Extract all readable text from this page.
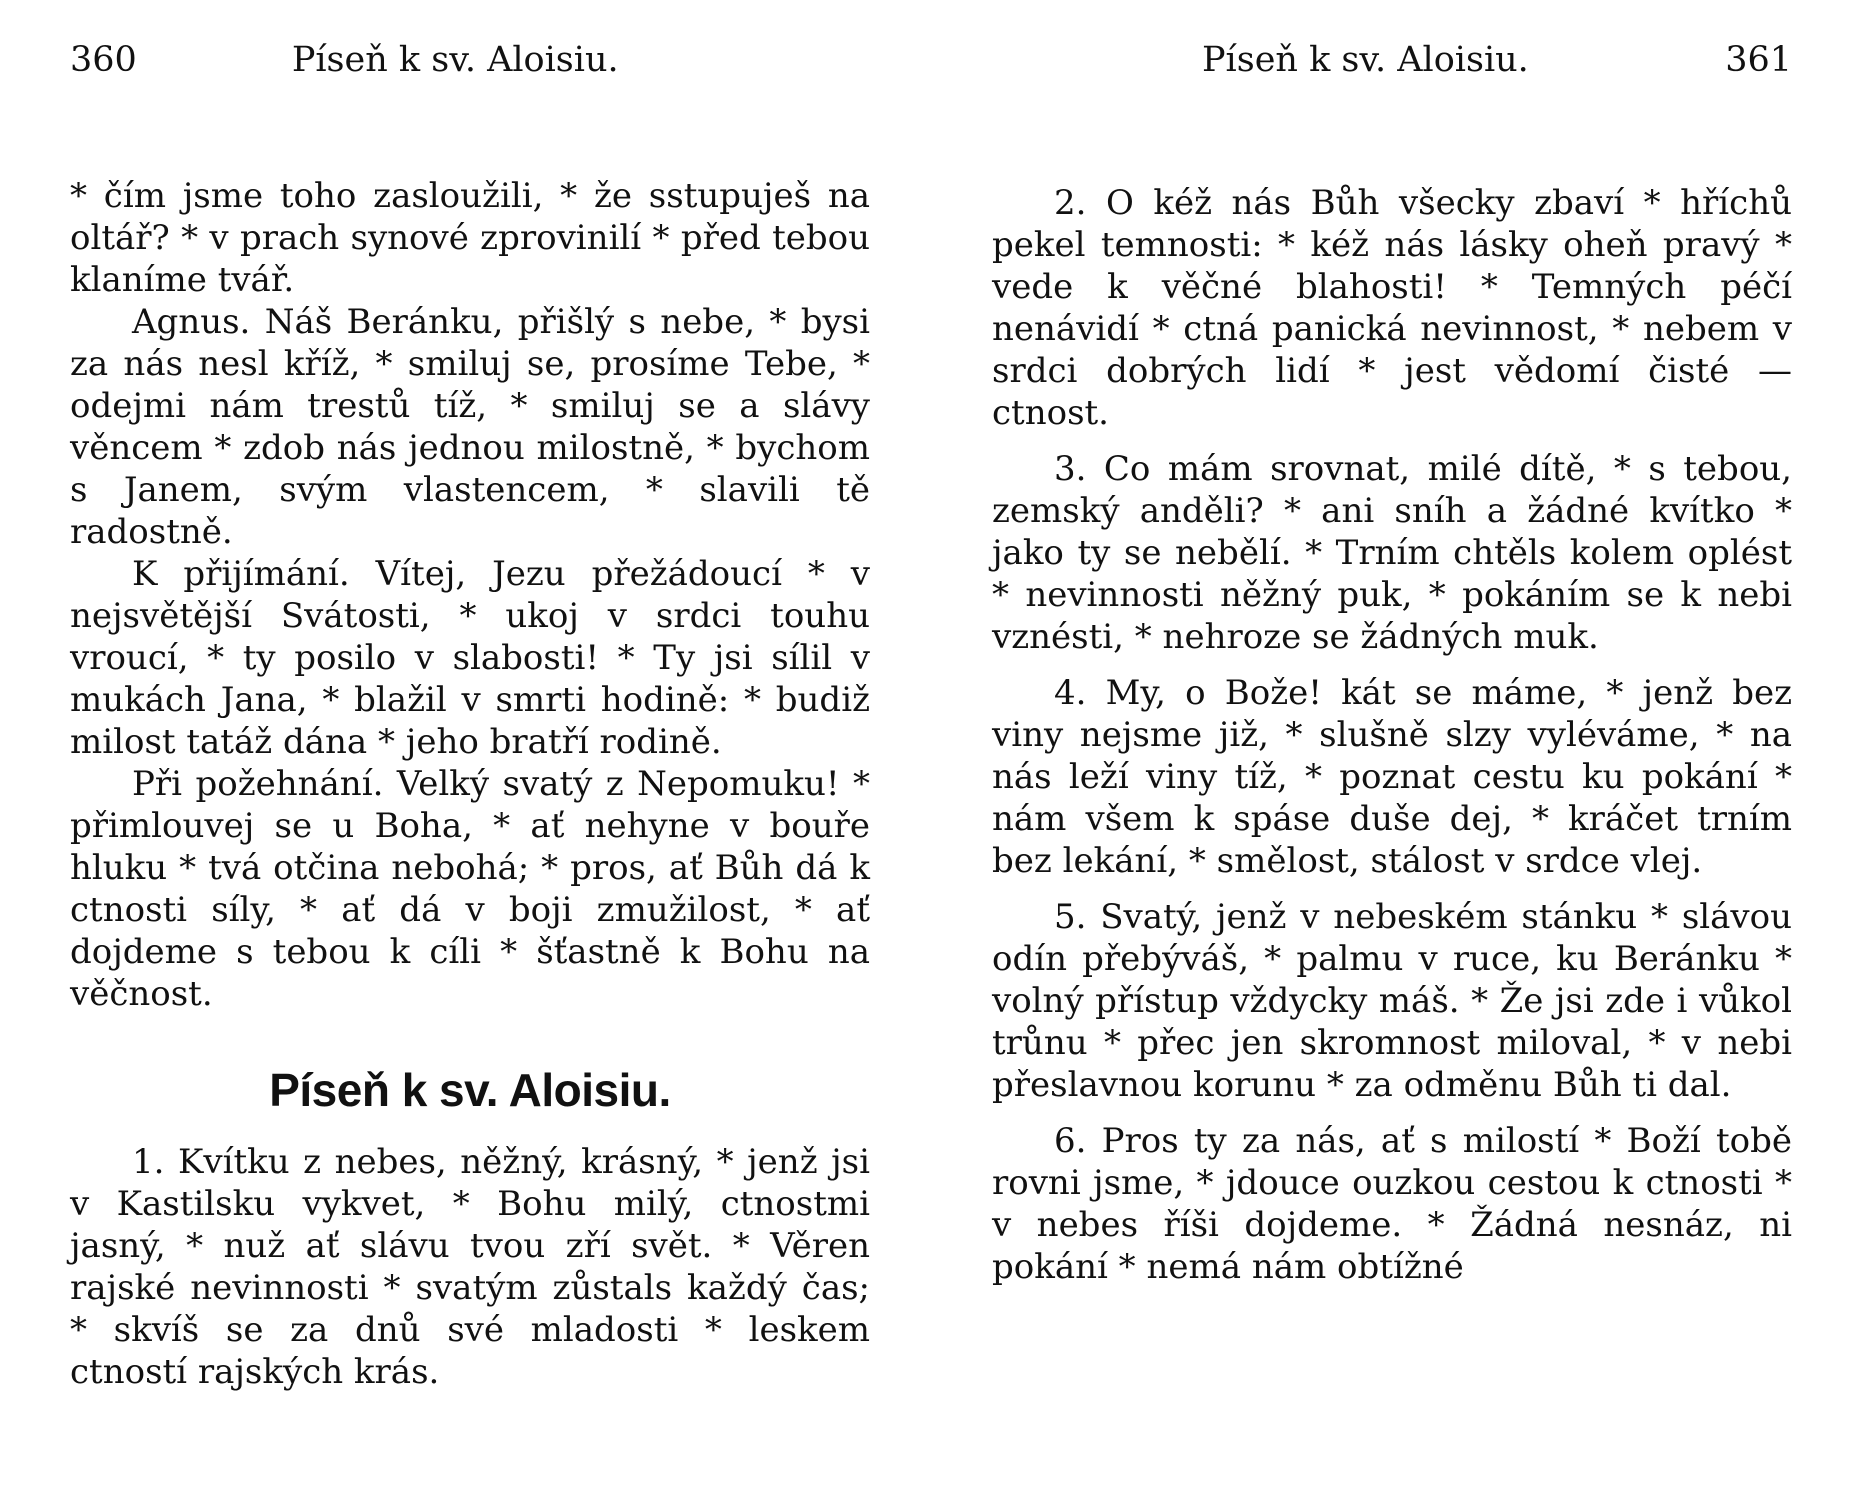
360	Píseň k sv. Aloisiu.

* čím jsme toho zasloužili, * že sstupuješ na oltář? * v prach synové zprovinilí * před tebou klaníme tvář.

Agnus. Náš Beránku, přišlý s nebe, * bysi za nás nesl kříž, * smiluj se, prosíme Tebe, * odejmi nám trestů tíž, * smiluj se a slávy věncem * zdob nás jednou milostně, * bychom s Janem, svým vlastencem, * slavili tě radostně.

K přijímání. Vítej, Jezu přežádoucí * v nejsvětější Svátosti, * ukoj v srdci touhu vroucí, * ty posilo v slabosti! * Ty jsi sílil v mukách Jana, * blažil v smrti hodině: * budiž milost tatáž dána * jeho bratří rodině.

Při požehnání. Velký svatý z Nepomuku! * přimlouvej se u Boha, * ať nehyne v bouře hluku * tvá otčina nebohá; * pros, ať Bůh dá k ctnosti síly, * ať dá v boji zmužilost, * ať dojdeme s tebou k cíli * šťastně k Bohu na věčnost.

Píseň k sv. Aloisiu.

1. Kvítku z nebes, něžný, krásný, * jenž jsi v Kastilsku vykvet, * Bohu milý, ctnostmi jasný, * nuž ať slávu tvou zří svět. * Věren rajské nevinnosti * svatým zůstals každý čas; * skvíš se za dnů své mladosti * leskem ctností rajských krás.

Píseň k sv. Aloisiu.	361

2. O kéž nás Bůh všecky zbaví * hříchů pekel temnosti: * kéž nás lásky oheň pravý * vede k věčné blahosti! * Temných péčí nenávidí * ctná panická nevinnost, * nebem v srdci dobrých lidí * jest vědomí čisté — ctnost.

3. Co mám srovnat, milé dítě, * s tebou, zemský anděli? * ani sníh a žádné kvítko * jako ty se nebělí. * Trním chtěls kolem oplést * nevinnosti něžný puk, * pokáním se k nebi vznésti, * nehroze se žádných muk.

4. My, o Bože! kát se máme, * jenž bez viny nejsme již, * slušně slzy vyléváme, * na nás leží viny tíž, * poznat cestu ku pokání * nám všem k spáse duše dej, * kráčet trním bez lekání, * smělost, stálost v srdce vlej.

5. Svatý, jenž v nebeském stánku * slávou odín přebýváš, * palmu v ruce, ku Beránku * volný přístup vždycky máš. * Že jsi zde i vůkol trůnu * přec jen skromnost miloval, * v nebi přeslavnou korunu * za odměnu Bůh ti dal.

6. Pros ty za nás, ať s milostí * Boží tobě rovni jsme, * jdouce ouzkou cestou k ctnosti * v nebes říši dojdeme. * Žádná nesnáz, ni pokání * nemá nám obtížné
